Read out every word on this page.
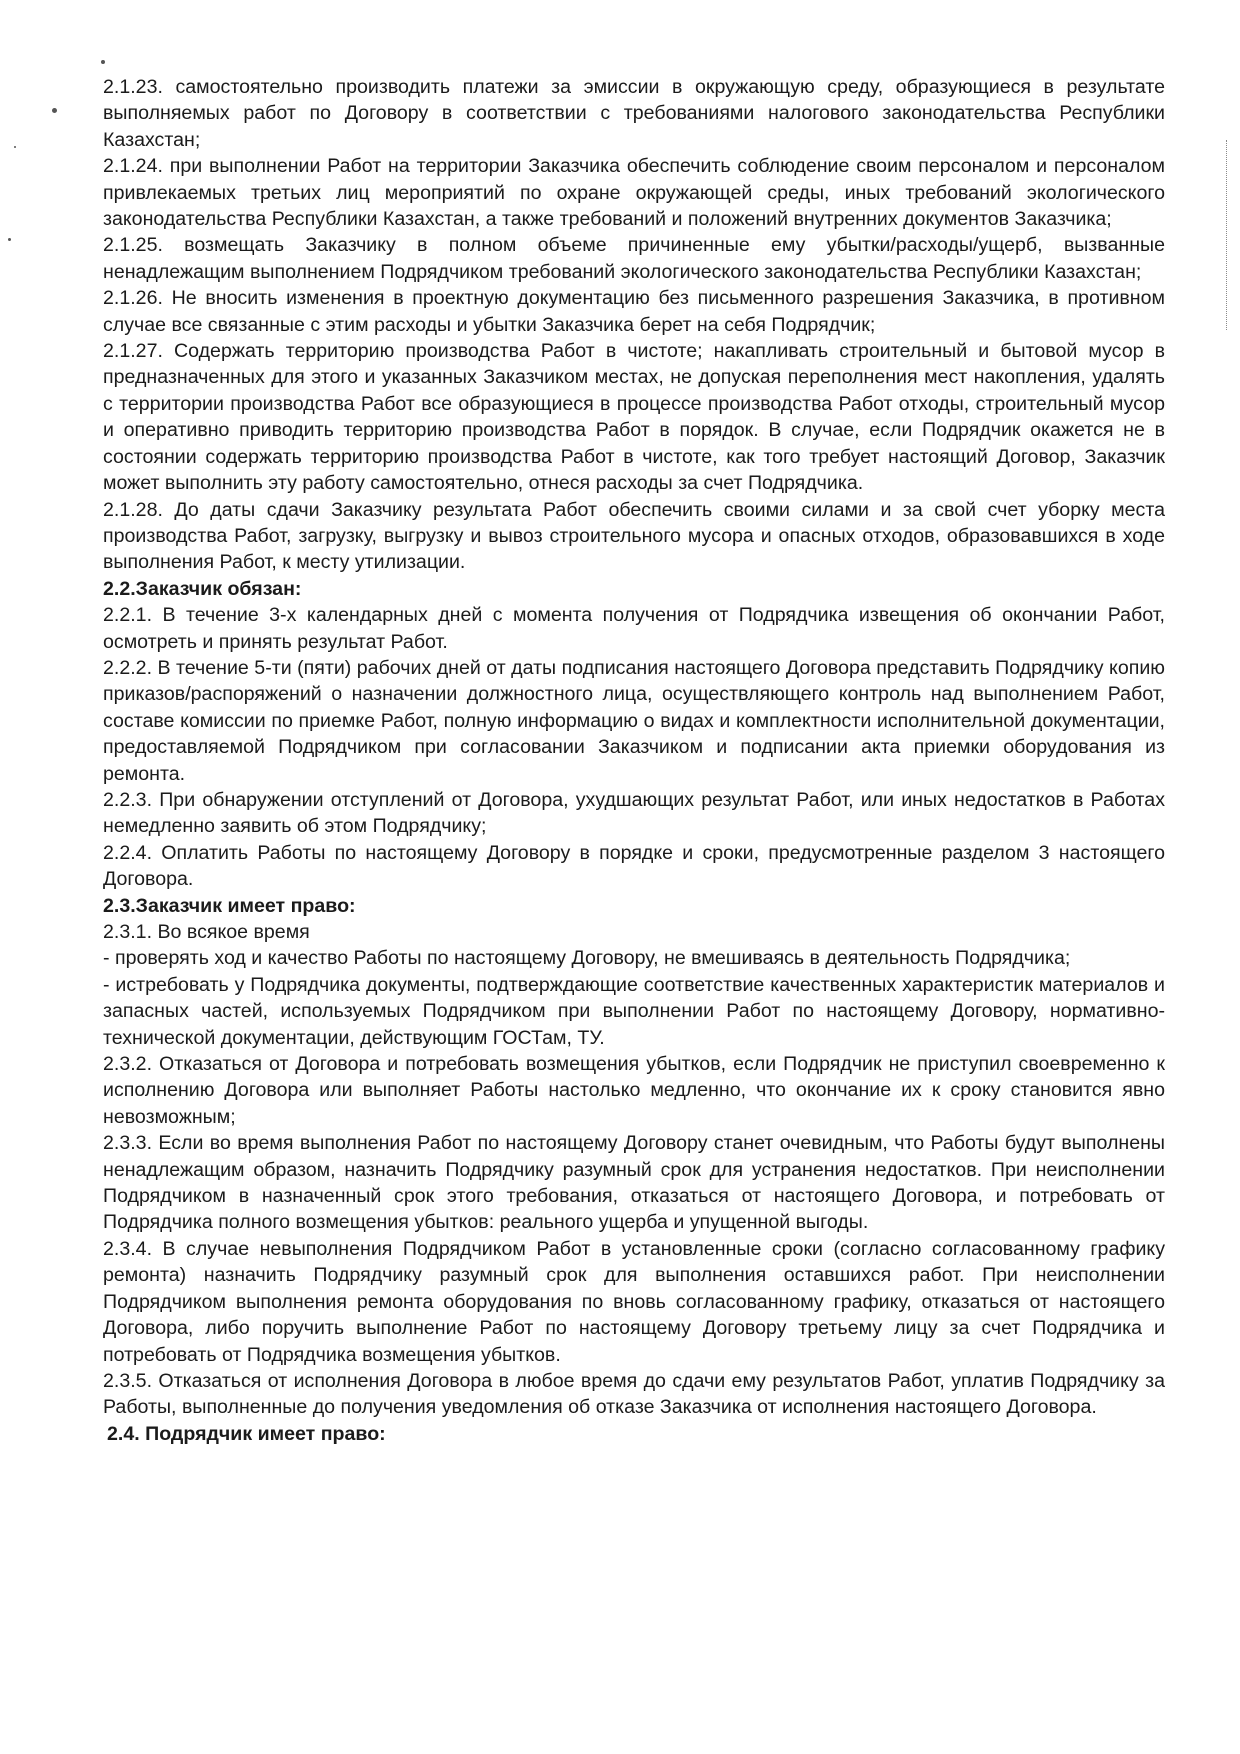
2.1.23. самостоятельно производить платежи за эмиссии в окружающую среду, образующиеся в результате выполняемых работ по Договору в соответствии с требованиями налогового законодательства Республики Казахстан;

2.1.24. при выполнении Работ на территории Заказчика обеспечить соблюдение своим персоналом и персоналом привлекаемых третьих лиц мероприятий по охране окружающей среды, иных требований экологического законодательства Республики Казахстан, а также требований и положений внутренних документов Заказчика;

2.1.25. возмещать Заказчику в полном объеме причиненные ему убытки/расходы/ущерб, вызванные ненадлежащим выполнением Подрядчиком требований экологического законодательства Республики Казахстан;

2.1.26. Не вносить изменения в проектную документацию без письменного разрешения Заказчика, в противном случае все связанные с этим расходы и убытки Заказчика берет на себя Подрядчик;

2.1.27. Содержать территорию производства Работ в чистоте; накапливать строительный и бытовой мусор в предназначенных для этого и указанных Заказчиком местах, не допуская переполнения мест накопления, удалять с территории производства Работ все образующиеся в процессе производства Работ отходы, строительный мусор и оперативно приводить территорию производства Работ в порядок. В случае, если Подрядчик окажется не в состоянии содержать территорию производства Работ в чистоте, как того требует настоящий Договор, Заказчик может выполнить эту работу самостоятельно, отнеся расходы за счет Подрядчика.

2.1.28. До даты сдачи Заказчику результата Работ обеспечить своими силами и за свой счет уборку места производства Работ, загрузку, выгрузку и вывоз строительного мусора и опасных отходов, образовавшихся в ходе выполнения Работ, к месту утилизации.

2.2.Заказчик обязан:

2.2.1. В течение 3-х календарных дней с момента получения от Подрядчика извещения об окончании Работ, осмотреть и принять результат Работ.

2.2.2. В течение 5-ти (пяти) рабочих дней от даты подписания настоящего Договора представить Подрядчику копию приказов/распоряжений о назначении должностного лица, осуществляющего контроль над выполнением Работ, составе комиссии по приемке Работ, полную информацию о видах и комплектности исполнительной документации, предоставляемой Подрядчиком при согласовании Заказчиком и подписании акта приемки оборудования из ремонта.

2.2.3. При обнаружении отступлений от Договора, ухудшающих результат Работ, или иных недостатков в Работах немедленно заявить об этом Подрядчику;

2.2.4. Оплатить Работы по настоящему Договору в порядке и сроки, предусмотренные разделом 3 настоящего Договора.

2.3.Заказчик имеет право:

2.3.1. Во всякое время

- проверять ход и качество Работы по настоящему Договору, не вмешиваясь в деятельность Подрядчика;

- истребовать у Подрядчика документы, подтверждающие соответствие качественных характеристик материалов и запасных частей, используемых Подрядчиком при выполнении Работ по настоящему Договору, нормативно-технической документации, действующим ГОСТам, ТУ.

2.3.2. Отказаться от Договора и потребовать возмещения убытков, если Подрядчик не приступил своевременно к исполнению Договора или выполняет Работы настолько медленно, что окончание их к сроку становится явно невозможным;

2.3.3. Если во время выполнения Работ по настоящему Договору станет очевидным, что Работы будут выполнены ненадлежащим образом, назначить Подрядчику разумный срок для устранения недостатков. При неисполнении Подрядчиком в назначенный срок этого требования, отказаться от настоящего Договора, и потребовать от Подрядчика полного возмещения убытков: реального ущерба и упущенной выгоды.

2.3.4. В случае невыполнения Подрядчиком Работ в установленные сроки (согласно согласованному графику ремонта) назначить Подрядчику разумный срок для выполнения оставшихся работ. При неисполнении Подрядчиком выполнения ремонта оборудования по вновь согласованному графику, отказаться от настоящего Договора, либо поручить выполнение Работ по настоящему Договору третьему лицу за счет Подрядчика и потребовать от Подрядчика возмещения убытков.

2.3.5. Отказаться от исполнения Договора в любое время до сдачи ему результатов Работ, уплатив Подрядчику за Работы, выполненные до получения уведомления об отказе Заказчика от исполнения настоящего Договора.

2.4. Подрядчик имеет право:
